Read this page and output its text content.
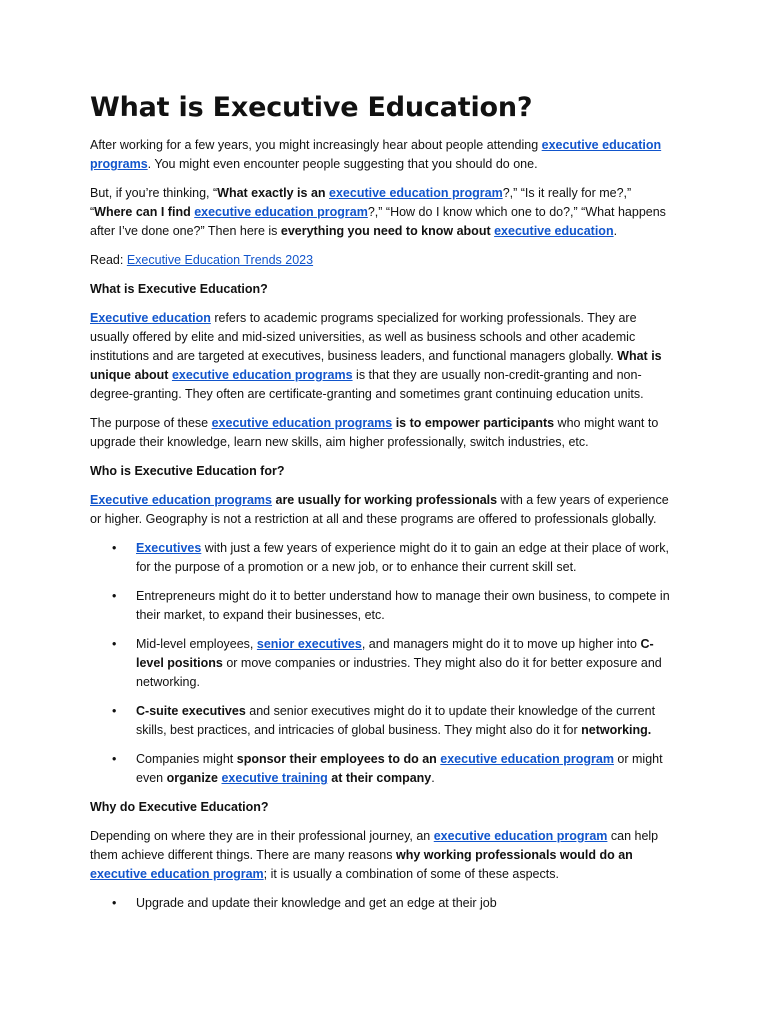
What is Executive Education?

After working for a few years, you might increasingly hear about people attending executive education programs. You might even encounter people suggesting that you should do one.

But, if you’re thinking, “What exactly is an executive education program?,” “Is it really for me?,” “Where can I find executive education program?,” “How do I know which one to do?,” “What happens after I’ve done one?” Then here is everything you need to know about executive education.

Read: Executive Education Trends 2023

What is Executive Education?

Executive education refers to academic programs specialized for working professionals. They are usually offered by elite and mid-sized universities, as well as business schools and other academic institutions and are targeted at executives, business leaders, and functional managers globally. What is unique about executive education programs is that they are usually non-credit-granting and non-degree-granting. They often are certificate-granting and sometimes grant continuing education units.

The purpose of these executive education programs is to empower participants who might want to upgrade their knowledge, learn new skills, aim higher professionally, switch industries, etc.

Who is Executive Education for?

Executive education programs are usually for working professionals with a few years of experience or higher. Geography is not a restriction at all and these programs are offered to professionals globally.

• Executives with just a few years of experience might do it to gain an edge at their place of work, for the purpose of a promotion or a new job, or to enhance their current skill set.
• Entrepreneurs might do it to better understand how to manage their own business, to compete in their market, to expand their businesses, etc.
• Mid-level employees, senior executives, and managers might do it to move up higher into C-level positions or move companies or industries. They might also do it for better exposure and networking.
• C-suite executives and senior executives might do it to update their knowledge of the current skills, best practices, and intricacies of global business. They might also do it for networking.
• Companies might sponsor their employees to do an executive education program or might even organize executive training at their company.

Why do Executive Education?

Depending on where they are in their professional journey, an executive education program can help them achieve different things. There are many reasons why working professionals would do an executive education program; it is usually a combination of some of these aspects.

• Upgrade and update their knowledge and get an edge at their job
